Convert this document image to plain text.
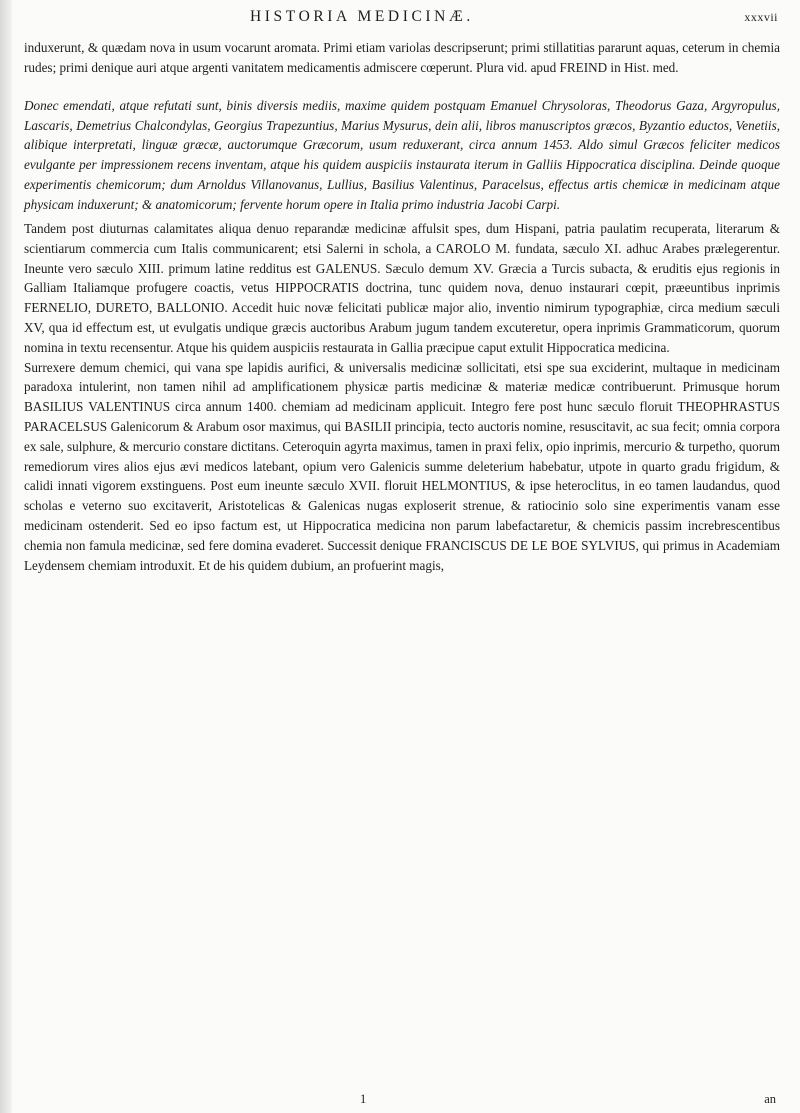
HISTORIA MEDICINÆ.	xxxvii

induxerunt, & quædam nova in usum vocarunt aromata. Primi etiam variolas descripserunt; primi stillatitias pararunt aquas, ceterum in chemia rudes; primi denique auri atque argenti vanitatem medicamentis admiscere cœperunt. Plura vid. apud FREIND in Hist. med.

Donec emendati, atque refutati sunt, binis diversis mediis, maxime quidem postquam Emanuel Chrysoloras, Theodorus Gaza, Argyropulus, Lascaris, Demetrius Chalcondylas, Georgius Trapezuntius, Marius Mysurus, dein alii, libros manuscriptos græcos, Byzantio eductos, Venetiis, alibique interpretati, linguæ græcæ, auctorumque Græcorum, usum reduxerant, circa annum 1453. Aldo simul Græcos feliciter medicos evulgante per impressionem recens inventam, atque his quidem auspiciis instaurata iterum in Galliis Hippocratica disciplina. Deinde quoque experimentis chemicorum; dum Arnoldus Villanovanus, Lullius, Basilius Valentinus, Paracelsus, effectus artis chemicæ in medicinam atque physicam induxerunt; & anatomicorum; fervente horum opere in Italia primo industria Jacobi Carpi.

Tandem post diuturnas calamitates aliqua denuo reparandæ medicinæ affulsit spes, dum Hispani, patria paulatim recuperata, literarum & scientiarum commercia cum Italis communicarent; etsi Salerni in schola, a CAROLO M. fundata, sæculo XI. adhuc Arabes prælegerentur. Ineunte vero sæculo XIII. primum latine redditus est GALENUS. Sæculo demum XV. Græcia a Turcis subacta, & eruditis ejus regionis in Galliam Italiamque profugere coactis, vetus HIPPOCRATIS doctrina, tunc quidem nova, denuo instaurari cœpit, præeuntibus inprimis FERNELIO, DURETO, BALLONIO. Accedit huic novæ felicitati publicæ major alio, inventio nimirum typographiæ, circa medium sæculi XV, qua id effectum est, ut evulgatis undique græcis auctoribus Arabum jugum tandem excuteretur, opera inprimis Grammaticorum, quorum nomina in textu recensentur. Atque his quidem auspiciis restaurata in Gallia præcipue caput extulit Hippocratica medicina.

Surrexere demum chemici, qui vana spe lapidis aurifici, & universalis medicinæ sollicitati, etsi spe sua exciderint, multaque in medicinam paradoxa intulerint, non tamen nihil ad amplificationem physicæ partis medicinæ & materiæ medicæ contribuerunt. Primusque horum BASILIUS VALENTINUS circa annum 1400. chemiam ad medicinam applicuit. Integro fere post hunc sæculo floruit THEOPHRASTUS PARACELSUS Galenicorum & Arabum osor maximus, qui BASILII principia, tecto auctoris nomine, resuscitavit, ac sua fecit; omnia corpora ex sale, sulphure, & mercurio constare dictitans. Ceteroquin agyrta maximus, tamen in praxi felix, opio inprimis, mercurio & turpetho, quorum remediorum vires alios ejus ævi medicos latebant, opium vero Galenicis summe deleterium habebatur, utpote in quarto gradu frigidum, & calidi innati vigorem exstinguens. Post eum ineunte sæculo XVII. floruit HELMONTIUS, & ipse heteroclitus, in eo tamen laudandus, quod scholas e veterno suo excitaverit, Aristotelicas & Galenicas nugas exploserit strenue, & ratiocinio solo sine experimentis vanam esse medicinam ostenderit. Sed eo ipso factum est, ut Hippocratica medicina non parum labefactaretur, & chemicis passim increbrescentibus chemia non famula medicinæ, sed fere domina evaderet. Successit denique FRANCISCUS DE LE BOE SYLVIUS, qui primus in Academiam Leydensem chemiam introduxit. Et de his quidem dubium, an profuerint magis,

1	an
